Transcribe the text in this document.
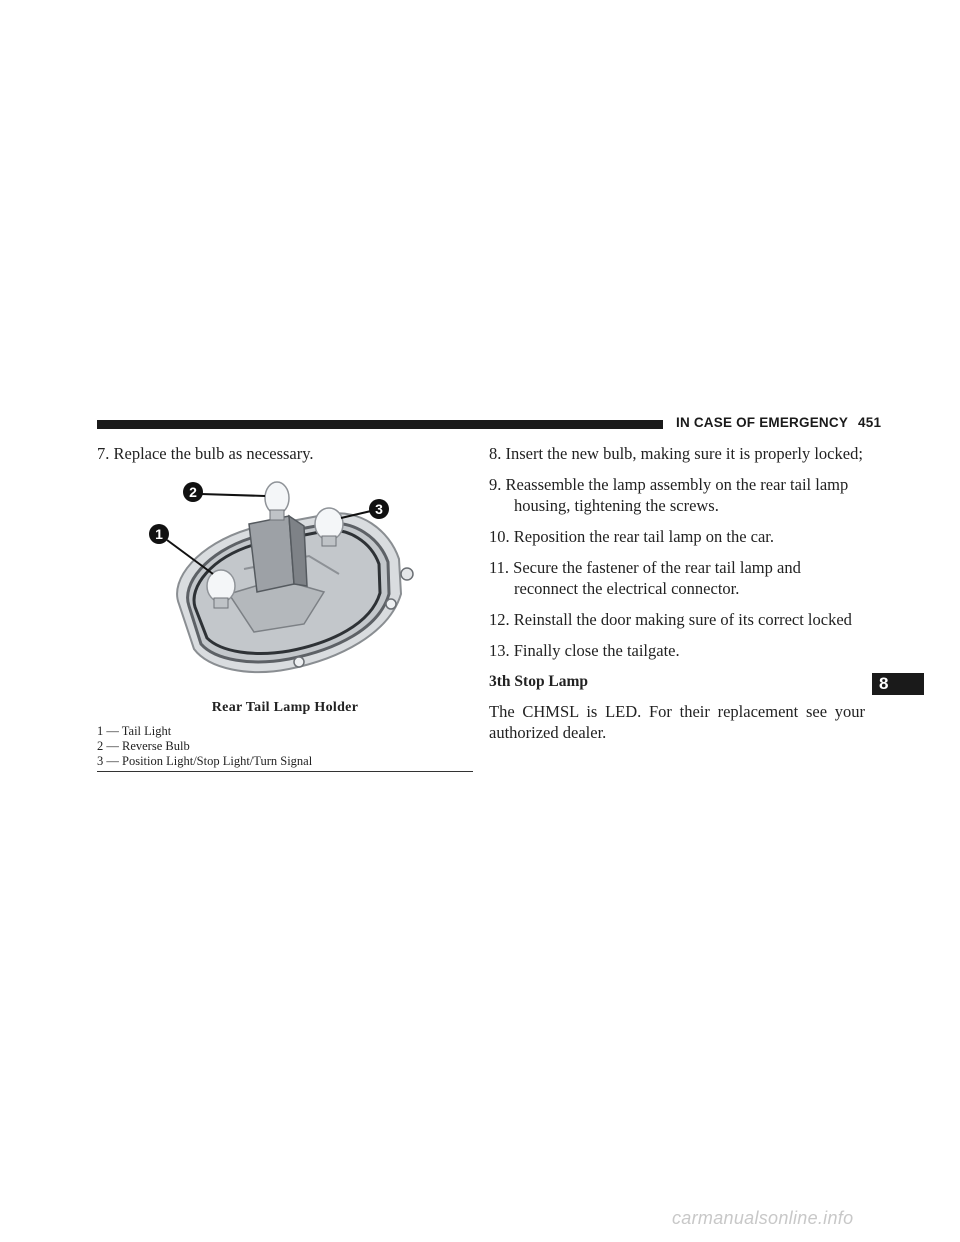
IN CASE OF EMERGENCY 451

7. Replace the bulb as necessary.

1
2
3
Rear Tail Lamp Holder
1 — Tail Light
2 — Reverse Bulb
3 — Position Light/Stop Light/Turn Signal

8. Insert the new bulb, making sure it is properly locked;

9. Reassemble the lamp assembly on the rear tail lamp housing, tightening the screws.

10. Reposition the rear tail lamp on the car.

11. Secure the fastener of the rear tail lamp and reconnect the electrical connector.

12. Reinstall the door making sure of its correct locked

13. Finally close the tailgate.

3th Stop Lamp
The CHMSL is LED. For their replacement see your authorized dealer.
8
carmanualsonline.info
